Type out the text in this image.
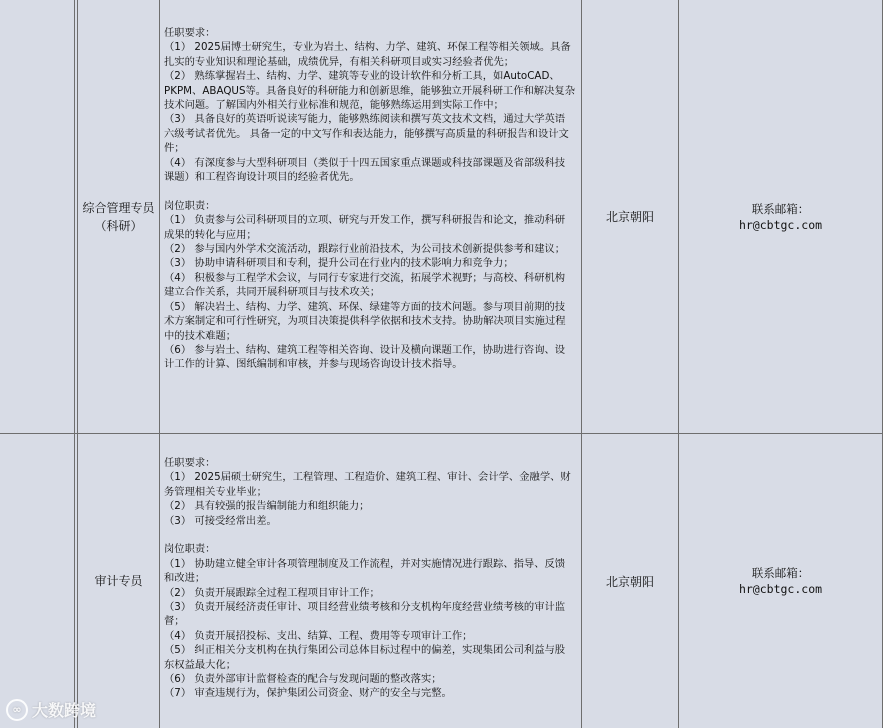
综合管理专员（科研）
任职要求：
（1） 2025届博士研究生，专业为岩土、结构、力学、建筑、环保工程等相关领域。具备扎实的专业知识和理论基础，成绩优异，有相关科研项目或实习经验者优先；
（2） 熟练掌握岩土、结构、力学、建筑等专业的设计软件和分析工具，如AutoCAD、PKPM、ABAQUS等。具备良好的科研能力和创新思维，能够独立开展科研工作和解决复杂技术问题。了解国内外相关行业标准和规范，能够熟练运用到实际工作中；
（3） 具备良好的英语听说读写能力，能够熟练阅读和撰写英文技术文档，通过大学英语六级考试者优先。 具备一定的中文写作和表达能力，能够撰写高质量的科研报告和设计文件；
（4） 有深度参与大型科研项目（类似于十四五国家重点课题或科技部课题及省部级科技课题）和工程咨询设计项目的经验者优先。
岗位职责：
（1） 负责参与公司科研项目的立项、研究与开发工作，撰写科研报告和论文，推动科研成果的转化与应用；
（2） 参与国内外学术交流活动，跟踪行业前沿技术，为公司技术创新提供参考和建议；
（3） 协助申请科研项目和专利，提升公司在行业内的技术影响力和竞争力；
（4） 积极参与工程学术会议，与同行专家进行交流，拓展学术视野；与高校、科研机构建立合作关系，共同开展科研项目与技术攻关；
（5） 解决岩土、结构、力学、建筑、环保、绿建等方面的技术问题。参与项目前期的技术方案制定和可行性研究，为项目决策提供科学依据和技术支持。协助解决项目实施过程中的技术难题；
（6） 参与岩土、结构、建筑工程等相关咨询、设计及横向课题工作，协助进行咨询、设计工作的计算、图纸编制和审核，并参与现场咨询设计技术指导。
北京朝阳
联系邮箱：
hr@cbtgc.com
审计专员
任职要求：
（1） 2025届硕士研究生，工程管理、工程造价、建筑工程、审计、会计学、金融学、财务管理相关专业毕业；
（2） 具有较强的报告编制能力和组织能力；
（3） 可接受经常出差。
岗位职责：
（1） 协助建立健全审计各项管理制度及工作流程，并对实施情况进行跟踪、指导、反馈和改进；
（2） 负责开展跟踪全过程工程项目审计工作；
（3） 负责开展经济责任审计、项目经营业绩考核和分支机构年度经营业绩考核的审计监督；
（4） 负责开展招投标、支出、结算、工程、费用等专项审计工作；
（5） 纠正相关分支机构在执行集团公司总体目标过程中的偏差，实现集团公司利益与股东权益最大化；
（6） 负责外部审计监督检查的配合与发现问题的整改落实；
（7） 审查违规行为，保护集团公司资金、财产的安全与完整。
北京朝阳
联系邮箱：
hr@cbtgc.com
∞ 大数跨境
